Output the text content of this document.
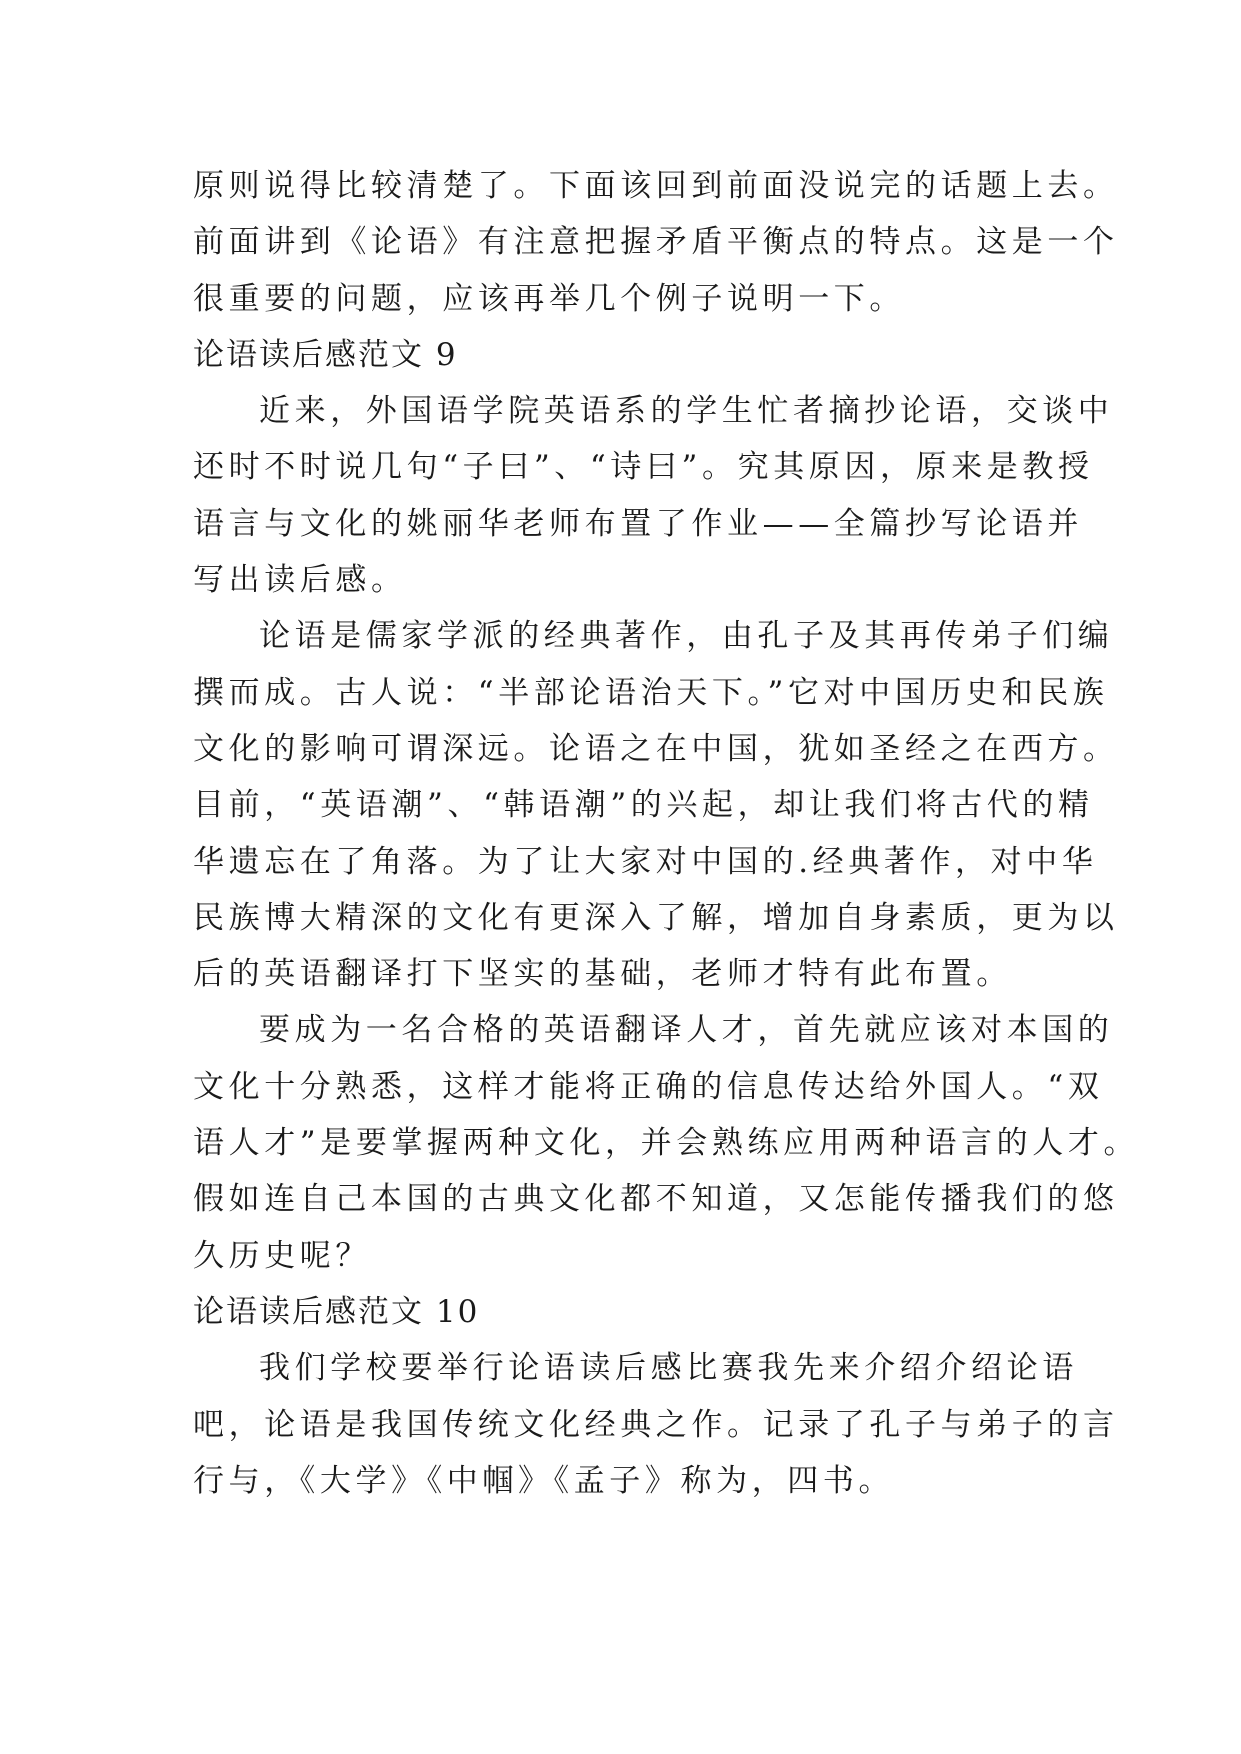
原则说得比较清楚了。下面该回到前面没说完的话题上去。
前面讲到《论语》有注意把握矛盾平衡点的特点。这是一个
很重要的问题，应该再举几个例子说明一下。
论语读后感范文 9
近来，外国语学院英语系的学生忙者摘抄论语，交谈中
还时不时说几句“子曰”、“诗曰”。究其原因，原来是教授
语言与文化的姚丽华老师布置了作业——全篇抄写论语并
写出读后感。
论语是儒家学派的经典著作，由孔子及其再传弟子们编
撰而成。古人说：“半部论语治天下。”它对中国历史和民族
文化的影响可谓深远。论语之在中国，犹如圣经之在西方。
目前，“英语潮”、“韩语潮”的兴起，却让我们将古代的精
华遗忘在了角落。为了让大家对中国的.经典著作，对中华
民族博大精深的文化有更深入了解，增加自身素质，更为以
后的英语翻译打下坚实的基础，老师才特有此布置。
要成为一名合格的英语翻译人才，首先就应该对本国的
文化十分熟悉，这样才能将正确的信息传达给外国人。“双
语人才”是要掌握两种文化，并会熟练应用两种语言的人才。
假如连自己本国的古典文化都不知道，又怎能传播我们的悠
久历史呢？
论语读后感范文 10
我们学校要举行论语读后感比赛我先来介绍介绍论语
吧，论语是我国传统文化经典之作。记录了孔子与弟子的言
行与，《大学》《中帼》《孟子》称为，四书。
